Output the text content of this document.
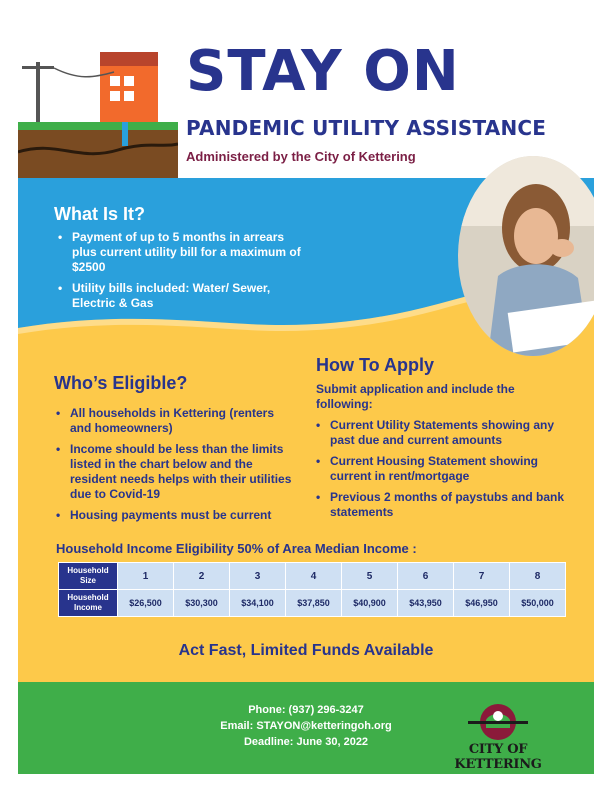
STAY ON
PANDEMIC UTILITY ASSISTANCE
Administered by the City of Kettering
What Is It?
• Payment of up to 5 months in arrears plus current utility bill for a maximum of $2500
• Utility bills included: Water/ Sewer, Electric & Gas
How To Apply

Submit application and include the following:

• Current Utility Statements showing any past due and current amounts
• Current Housing Statement showing current in rent/mortgage
• Previous 2 months of paystubs and bank statements
Who’s Eligible?
• All households in Kettering (renters and homeowners)
• Income should be less than the limits listed in the chart below and the resident needs helps with their utilities due to Covid-19
• Housing payments must be current
Household Income Eligibility 50% of Area Median Income :
Household Size	1	2	3	4	5	6	7	8
Household Income	$26,500	$30,300	$34,100	$37,850	$40,900	$43,950	$46,950	$50,000
Act Fast, Limited Funds Available
Phone: (937) 296-3247
Email: STAYON@ketteringoh.org
Deadline: June 30, 2022	CITY OF KETTERING
